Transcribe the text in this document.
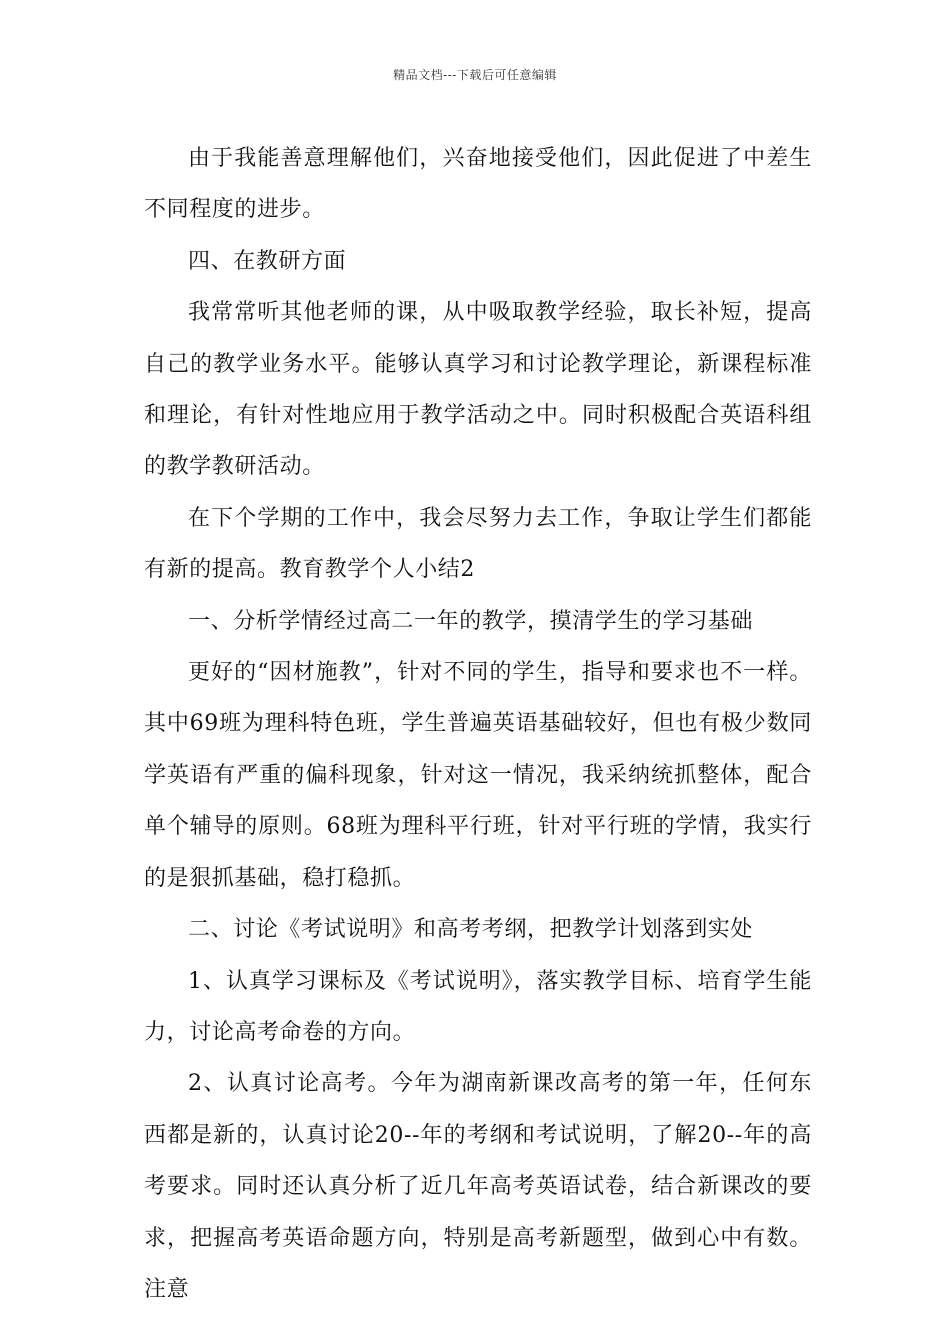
精品文档---下载后可任意编辑

由于我能善意理解他们，兴奋地接受他们，因此促进了中差生不同程度的进步。

四、在教研方面

我常常听其他老师的课，从中吸取教学经验，取长补短，提高自己的教学业务水平。能够认真学习和讨论教学理论，新课程标准和理论，有针对性地应用于教学活动之中。同时积极配合英语科组的教学教研活动。

在下个学期的工作中，我会尽努力去工作，争取让学生们都能有新的提高。教育教学个人小结2

一、分析学情经过高二一年的教学，摸清学生的学习基础

更好的“因材施教”，针对不同的学生，指导和要求也不一样。其中69班为理科特色班，学生普遍英语基础较好，但也有极少数同学英语有严重的偏科现象，针对这一情况，我采纳统抓整体，配合单个辅导的原则。68班为理科平行班，针对平行班的学情，我实行的是狠抓基础，稳打稳抓。

二、讨论《考试说明》和高考考纲，把教学计划落到实处

1、认真学习课标及《考试说明》，落实教学目标、培育学生能力，讨论高考命卷的方向。

2、认真讨论高考。今年为湖南新课改高考的第一年，任何东西都是新的，认真讨论20--年的考纲和考试说明，了解20--年的高考要求。同时还认真分析了近几年高考英语试卷，结合新课改的要求，把握高考英语命题方向，特别是高考新题型，做到心中有数。注意
